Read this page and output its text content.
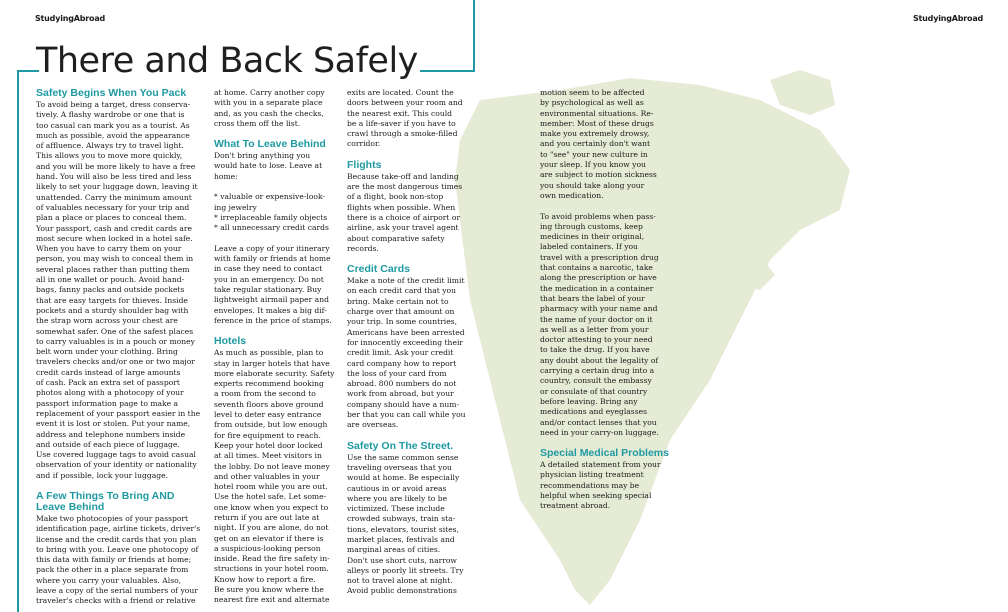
StudyingAbroad	StudyingAbroad
There and Back Safely
Safety Begins When You Pack

To avoid being a target, dress conserva-
tively. A flashy wardrobe or one that is
too casual can mark you as a tourist. As
much as possible, avoid the appearance
of affluence. Always try to travel light.
This allows you to move more quickly,
and you will be more likely to have a free
hand. You will also be less tired and less
likely to set your luggage down, leaving it
unattended. Carry the minimum amount
of valuables necessary for your trip and
plan a place or places to conceal them.
Your passport, cash and credit cards are
most secure when locked in a hotel safe.
When you have to carry them on your
person, you may wish to conceal them in
several places rather than putting them
all in one wallet or pouch. Avoid hand-
bags, fanny packs and outside pockets
that are easy targets for thieves. Inside
pockets and a sturdy shoulder bag with
the strap worn across your chest are
somewhat safer. One of the safest places
to carry valuables is in a pouch or money
belt worn under your clothing. Bring
travelers checks and/or one or two major
credit cards instead of large amounts
of cash. Pack an extra set of passport
photos along with a photocopy of your
passport information page to make a
replacement of your passport easier in the
event it is lost or stolen. Put your name,
address and telephone numbers inside
and outside of each piece of luggage.
Use covered luggage tags to avoid casual
observation of your identity or nationality
and if possible, lock your luggage.

A Few Things To Bring AND Leave Behind

Make two photocopies of your passport
identification page, airline tickets, driver's
license and the credit cards that you plan
to bring with you. Leave one photocopy of
this data with family or friends at home;
pack the other in a place separate from
where you carry your valuables. Also,
leave a copy of the serial numbers of your
traveler's checks with a friend or relative

at home. Carry another copy
with you in a separate place
and, as you cash the checks,
cross them off the list.

What To Leave Behind

Don't bring anything you
would hate to lose. Leave at
home:

* valuable or expensive-look-
ing jewelry
* irreplaceable family objects
* all unnecessary credit cards

Leave a copy of your itinerary
with family or friends at home
in case they need to contact
you in an emergency. Do not
take regular stationary. Buy
lightweight airmail paper and
envelopes. It makes a big dif-
ference in the price of stamps.

Hotels

As much as possible, plan to
stay in larger hotels that have
more elaborate security. Safety
experts recommend booking
a room from the second to
seventh floors above ground
level to deter easy entrance
from outside, but low enough
for fire equipment to reach.
Keep your hotel door locked
at all times. Meet visitors in
the lobby. Do not leave money
and other valuables in your
hotel room while you are out.
Use the hotel safe. Let some-
one know when you expect to
return if you are out late at
night. If you are alone, do not
get on an elevator if there is
a suspicious-looking person
inside. Read the fire safety in-
structions in your hotel room.
Know how to report a fire.
Be sure you know where the
nearest fire exit and alternate

exits are located. Count the
doors between your room and
the nearest exit. This could
be a life-saver if you have to
crawl through a smoke-filled
corridor.

Flights

Because take-off and landing
are the most dangerous times
of a flight, book non-stop
flights when possible. When
there is a choice of airport or
airline, ask your travel agent
about comparative safety
records.

Credit Cards

Make a note of the credit limit
on each credit card that you
bring. Make certain not to
charge over that amount on
your trip. In some countries,
Americans have been arrested
for innocently exceeding their
credit limit. Ask your credit
card company how to report
the loss of your card from
abroad. 800 numbers do not
work from abroad, but your
company should have a num-
ber that you can call while you
are overseas.

Safety On The Street.

Use the same common sense
traveling overseas that you
would at home. Be especially
cautious in or avoid areas
where you are likely to be
victimized. These include
crowded subways, train sta-
tions, elevators, tourist sites,
market places, festivals and
marginal areas of cities.
Don't use short cuts, narrow
alleys or poorly lit streets. Try
not to travel alone at night.
Avoid public demonstrations

motion seem to be affected
by psychological as well as
environmental situations. Re-
member: Most of these drugs
make you extremely drowsy,
and you certainly don't want
to "see" your new culture in
your sleep. If you know you
are subject to motion sickness
you should take along your
own medication.

To avoid problems when pass-
ing through customs, keep
medicines in their original,
labeled containers. If you
travel with a prescription drug
that contains a narcotic, take
along the prescription or have
the medication in a container
that bears the label of your
pharmacy with your name and
the name of your doctor on it
as well as a letter from your
doctor attesting to your need
to take the drug. If you have
any doubt about the legality of
carrying a certain drug into a
country, consult the embassy
or consulate of that country
before leaving. Bring any
medications and eyeglasses
and/or contact lenses that you
need in your carry-on luggage.

Special Medical Problems

A detailed statement from your
physician listing treatment
recommendations may be
helpful when seeking special
treatment abroad.
